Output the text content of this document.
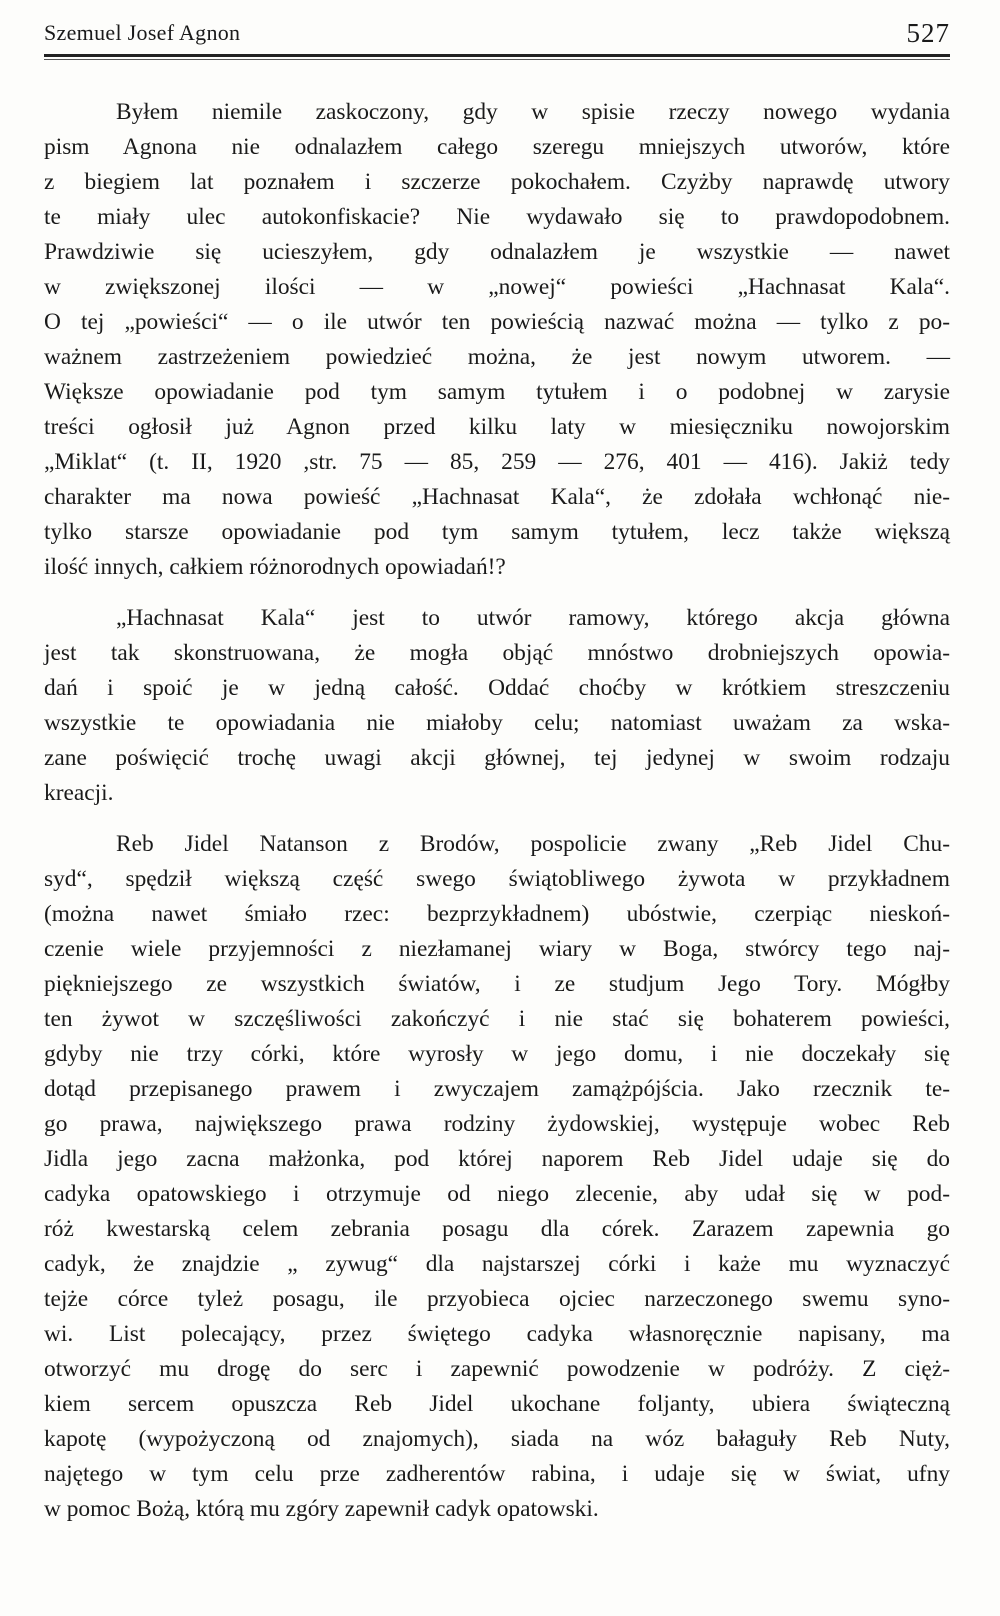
Szemuel Josef Agnon	527
Byłem niemile zaskoczony, gdy w spisie rzeczy nowego wydania
pism Agnona nie odnalazłem całego szeregu mniejszych utworów, które
z biegiem lat poznałem i szczerze pokochałem. Czyżby naprawdę utwory
te miały ulec autokonfiskacie? Nie wydawało się to prawdopodobnem.
Prawdziwie się ucieszyłem, gdy odnalazłem je wszystkie — nawet
w zwiększonej ilości — w „nowej“ powieści „Hachnasat Kala“.
O tej „powieści“ — o ile utwór ten powieścią nazwać można — tylko z po-
ważnem zastrzeżeniem powiedzieć można, że jest nowym utworem. —
Większe opowiadanie pod tym samym tytułem i o podobnej w zarysie
treści ogłosił już Agnon przed kilku laty w miesięczniku nowojorskim
„Miklat“ (t. II, 1920 ,str. 75 — 85, 259 — 276, 401 — 416). Jakiż tedy
charakter ma nowa powieść „Hachnasat Kala“, że zdołała wchłonąć nie-
tylko starsze opowiadanie pod tym samym tytułem, lecz także większą
ilość innych, całkiem różnorodnych opowiadań!?
„Hachnasat Kala“ jest to utwór ramowy, którego akcja główna
jest tak skonstruowana, że mogła objąć mnóstwo drobniejszych opowia-
dań i spoić je w jedną całość. Oddać choćby w krótkiem streszczeniu
wszystkie te opowiadania nie miałoby celu; natomiast uważam za wska-
zane poświęcić trochę uwagi akcji głównej, tej jedynej w swoim rodzaju
kreacji.
Reb Jidel Natanson z Brodów, pospolicie zwany „Reb Jidel Chu-
syd“, spędził większą część swego świątobliwego żywota w przykładnem
(można nawet śmiało rzec: bezprzykładnem) ubóstwie, czerpiąc nieskoń-
czenie wiele przyjemności z niezłamanej wiary w Boga, stwórcy tego naj-
piękniejszego ze wszystkich światów, i ze studjum Jego Tory. Mógłby
ten żywot w szczęśliwości zakończyć i nie stać się bohaterem powieści,
gdyby nie trzy córki, które wyrosły w jego domu, i nie doczekały się
dotąd przepisanego prawem i zwyczajem zamążpójścia. Jako rzecznik te-
go prawa, największego prawa rodziny żydowskiej, występuje wobec Reb
Jidla jego zacna małżonka, pod której naporem Reb Jidel udaje się do
cadyka opatowskiego i otrzymuje od niego zlecenie, aby udał się w pod-
róż kwestarską celem zebrania posagu dla córek. Zarazem zapewnia go
cadyk, że znajdzie „ zywug“ dla najstarszej córki i każe mu wyznaczyć
tejże córce tyleż posagu, ile przyobieca ojciec narzeczonego swemu syno-
wi. List polecający, przez świętego cadyka własnoręcznie napisany, ma
otworzyć mu drogę do serc i zapewnić powodzenie w podróży. Z cięż-
kiem sercem opuszcza Reb Jidel ukochane foljanty, ubiera świąteczną
kapotę (wypożyczoną od znajomych), siada na wóz bałaguły Reb Nuty,
najętego w tym celu prze zadherentów rabina, i udaje się w świat, ufny
w pomoc Bożą, którą mu zgóry zapewnił cadyk opatowski.
